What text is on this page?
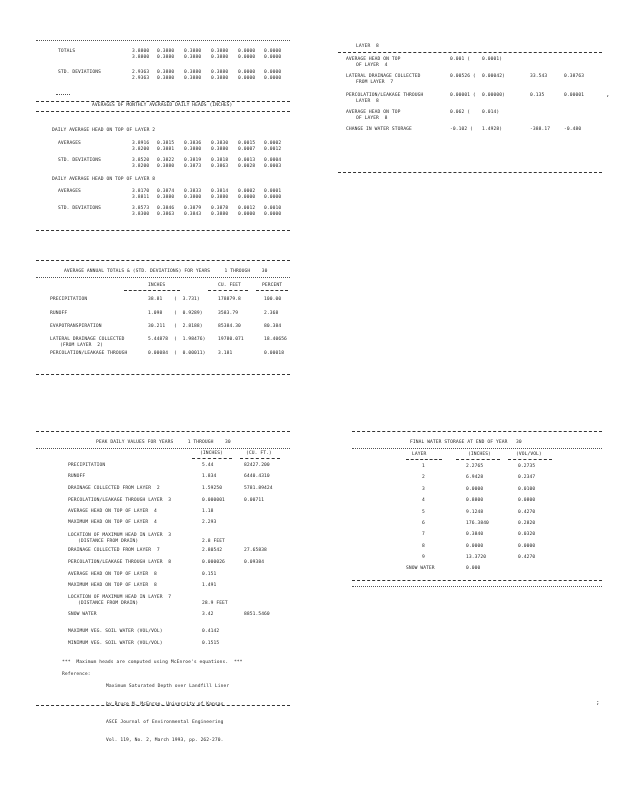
TOTALS	3.8800 0.3880 0.3880 0.3880 0.0000 0.0000
3.8800 0.3880 0.3880 0.3880 0.0000 0.0000
STD. DEVIATIONS	2.9363 0.3880 0.3880 0.3880 0.0000 0.0000
2.9363 0.3880 0.3880 0.3880 0.0000 0.0000
AVERAGES OF MONTHLY AVERAGED DAILY HEADS (INCHES)
DAILY AVERAGE HEAD ON TOP OF LAYER 2
AVERAGES	3.8916 0.3815 0.3836 0.3830 0.0015 0.0002
3.8200 0.3881 0.3880 0.3880 0.0007 0.0012
STD. DEVIATIONS	3.8520 0.3822 0.3819 0.3818 0.0013 0.0004
3.8200 0.3880 0.3873 0.3863 0.0028 0.0003
DAILY AVERAGE HEAD ON TOP OF LAYER 8
AVERAGES	3.8170 0.3874 0.3833 0.3814 0.0002 0.0001
3.8811 0.3880 0.3800 0.3880 0.0000 0.0000
STD. DEVIATIONS	3.8573 0.3846 0.3879 0.3878 0.0012 0.0010
3.8300 0.3863 0.3843 0.3880 0.0000 0.0000
AVERAGE ANNUAL TOTALS & (STD. DEVIATIONS) FOR YEARS     1 THROUGH    30
INCHES	CU. FEET	PERCENT
PRECIPITATION	38.81	(  3.731)	178879.8	100.00
RUNOFF	1.098	(  0.9289)	3583.79	2.368
EVAPOTRANSPIRATION	30.211 (  2.8188)	85384.30	80.384
LATERAL DRAINAGE COLLECTED
(FROM LAYER  2)
5.44878 (  1.98476)	19780.071	18.40656
PERCOLATION/LEAKAGE THROUGH	0.00084 (  0.00011)	3.181	0.00018
PEAK DAILY VALUES FOR YEARS     1 THROUGH    30
(INCHES)	(CU. FT.)
PRECIPITATION	5.44	82427.200
RUNOFF	1.834	6440.4310
DRAINAGE COLLECTED FROM LAYER  2	1.59250	5781.89424
PERCOLATION/LEAKAGE THROUGH LAYER  3	0.000001	0.00711
AVERAGE HEAD ON TOP OF LAYER  4	1.18
MAXIMUM HEAD ON TOP OF LAYER  4	2.293
LOCATION OF MAXIMUM HEAD IN LAYER  3
(DISTANCE FROM DRAIN)	2.8 FEET
DRAINAGE COLLECTED FROM LAYER  7	2.80542	27.65838
PERCOLATION/LEAKAGE THROUGH LAYER  8	0.000026	0.09384
AVERAGE HEAD ON TOP OF LAYER  8	0.151
MAXIMUM HEAD ON TOP OF LAYER  8	1.491
LOCATION OF MAXIMUM HEAD IN LAYER  7
(DISTANCE FROM DRAIN)	28.9 FEET
SNOW WATER	3.42	8851.5460
MAXIMUM VEG. SOIL WATER (VOL/VOL)	0.4142
MINIMUM VEG. SOIL WATER (VOL/VOL)	0.1515
***  Maximum heads are computed using McEnroe's equations.  ***
Reference:

Maximum Saturated Depth over Landfill Liner

by Bruce M. McEnroe, University of Kansas

ASCE Journal of Environmental Engineering

Vol. 119, No. 2, March 1993, pp. 262-270.

LAYER  8
AVERAGE HEAD ON TOP
OF LAYER  4
0.001 (	0.0001)
LATERAL DRAINAGE COLLECTED
FROM LAYER  7
0.00526 ( 0.00042)	33.543	0.38763
PERCOLATION/LEAKAGE THROUGH
LAYER  8
0.00001 ( 0.00000)	0.135	0.00001
AVERAGE HEAD ON TOP
OF LAYER  8
0.062 (	0.014)
CHANGE IN WATER STORAGE	-0.102 ( 1.4928)	-388.17	-0.480
FINAL WATER STORAGE AT END OF YEAR   30
LAYER	(INCHES)	(VOL/VOL)
1	2.2765	0.2735
2	6.9428	0.2347
3	0.0000	0.0100
4	0.8800	0.0800
5	9.1248	0.4270
6	176.3840	0.2820
7	0.3840	0.0320
8	0.0000	0.0000
9	13.3720	0.4270
SNOW WATER	0.000
,
;
